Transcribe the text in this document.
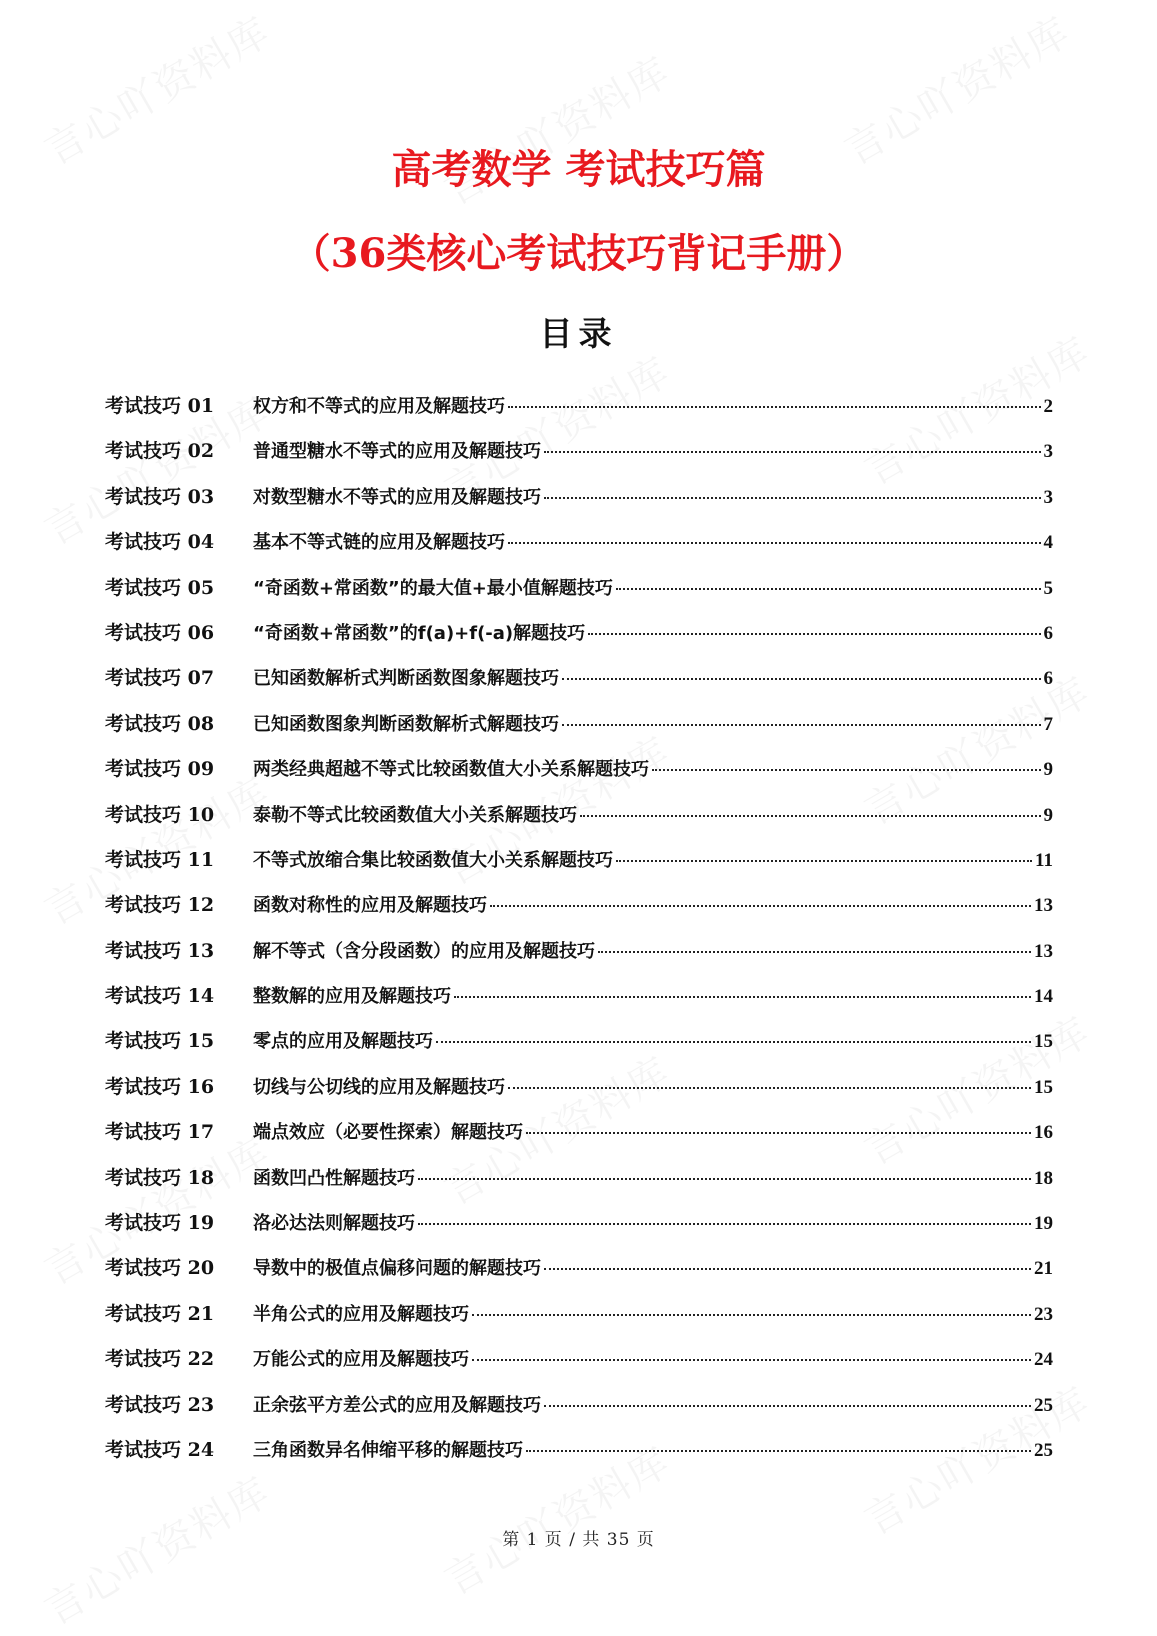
高考数学 考试技巧篇
（36类核心考试技巧背记手册）
目录
考试技巧 01	权方和不等式的应用及解题技巧	2
考试技巧 02	普通型糖水不等式的应用及解题技巧	3
考试技巧 03	对数型糖水不等式的应用及解题技巧	3
考试技巧 04	基本不等式链的应用及解题技巧	4
考试技巧 05	“奇函数+常函数”的最大值+最小值解题技巧	5
考试技巧 06	“奇函数+常函数”的f(a)+f(-a)解题技巧	6
考试技巧 07	已知函数解析式判断函数图象解题技巧	6
考试技巧 08	已知函数图象判断函数解析式解题技巧	7
考试技巧 09	两类经典超越不等式比较函数值大小关系解题技巧	9
考试技巧 10	泰勒不等式比较函数值大小关系解题技巧	9
考试技巧 11	不等式放缩合集比较函数值大小关系解题技巧	11
考试技巧 12	函数对称性的应用及解题技巧	13
考试技巧 13	解不等式（含分段函数）的应用及解题技巧	13
考试技巧 14	整数解的应用及解题技巧	14
考试技巧 15	零点的应用及解题技巧	15
考试技巧 16	切线与公切线的应用及解题技巧	15
考试技巧 17	端点效应（必要性探索）解题技巧	16
考试技巧 18	函数凹凸性解题技巧	18
考试技巧 19	洛必达法则解题技巧	19
考试技巧 20	导数中的极值点偏移问题的解题技巧	21
考试技巧 21	半角公式的应用及解题技巧	23
考试技巧 22	万能公式的应用及解题技巧	24
考试技巧 23	正余弦平方差公式的应用及解题技巧	25
考试技巧 24	三角函数异名伸缩平移的解题技巧	25
第 1 页 / 共 35 页
